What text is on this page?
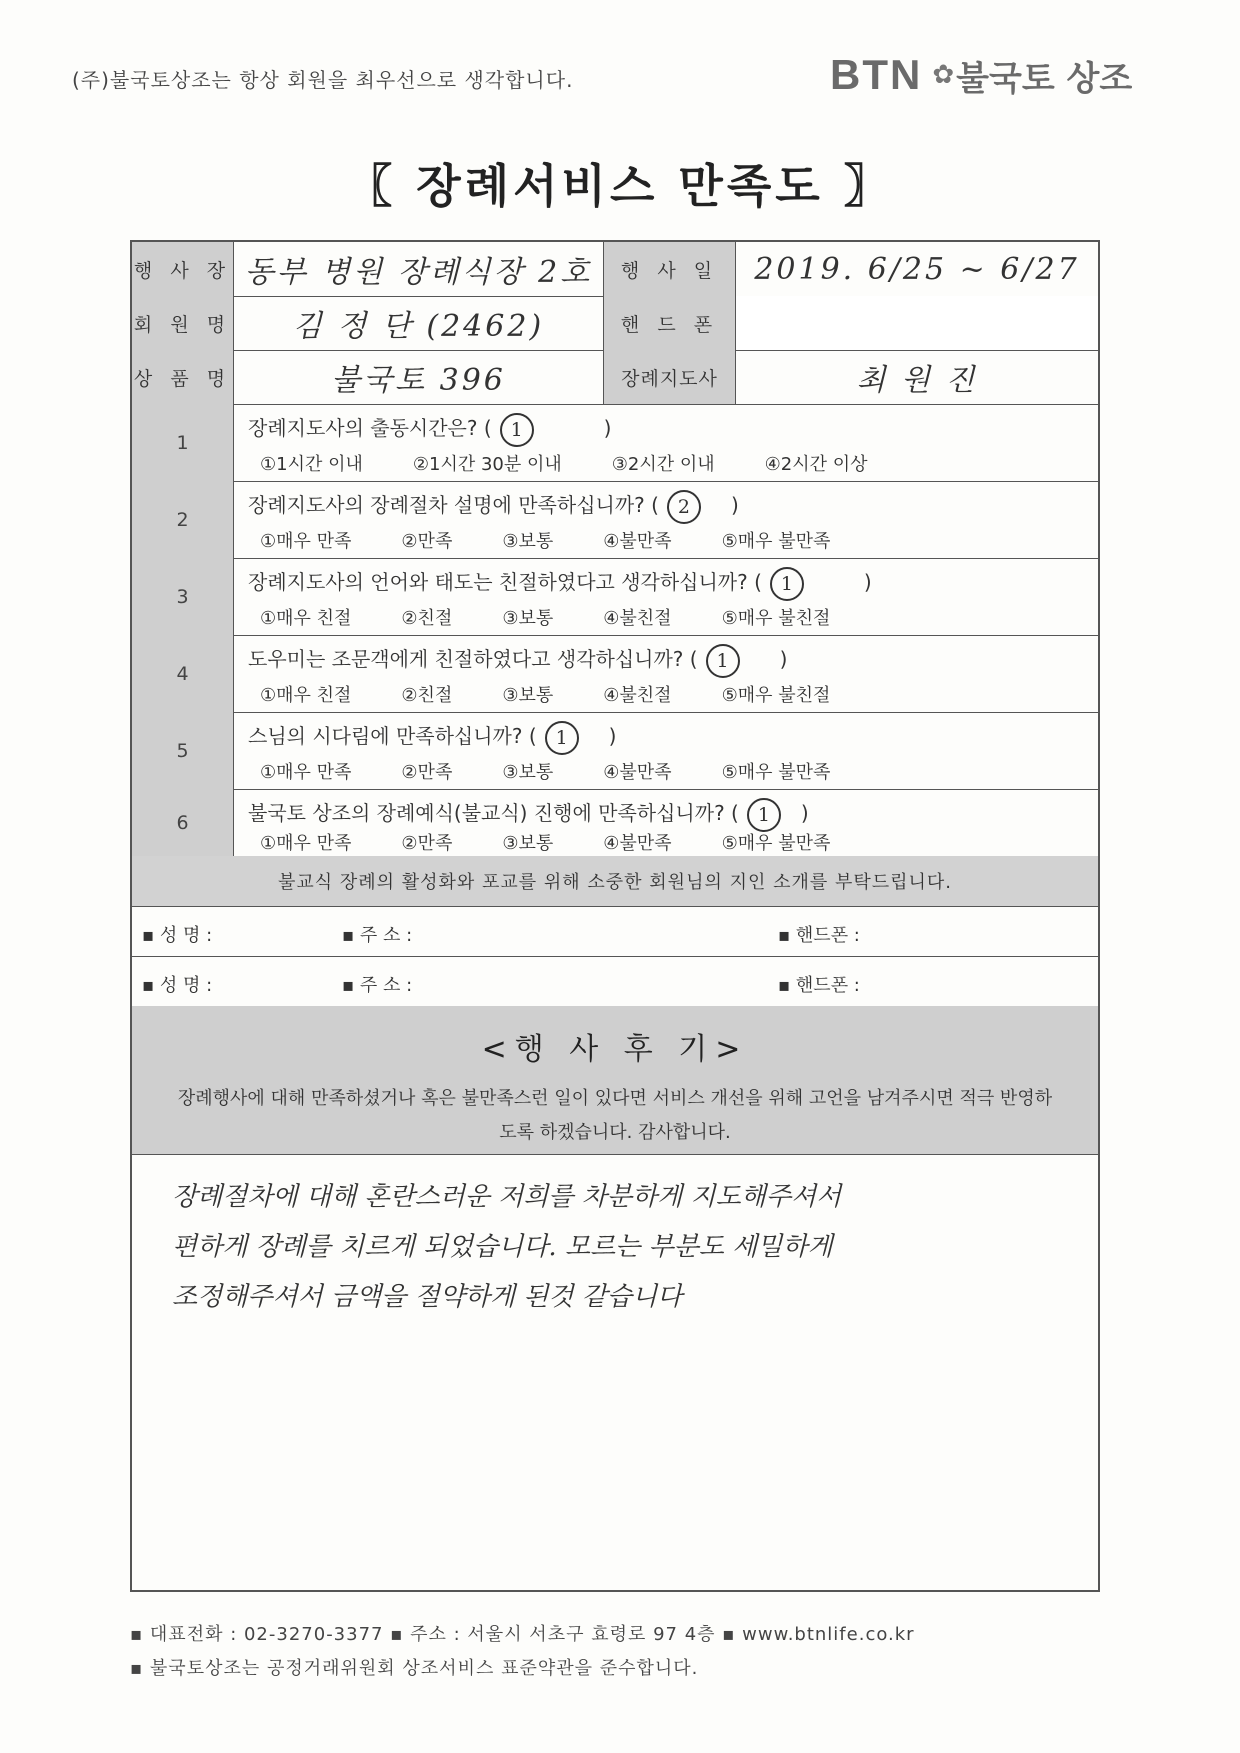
(주)불국토상조는 항상 회원을 최우선으로 생각합니다.	BTN ✿ 불국토 상조
〖 장례서비스 만족도 〗
행 사 장 동부 병원 장례식장 2호	행 사 일	2019. 6/25 ~ 6/27
회 원 명	김 정 단 (2462)	핸 드 폰
상 품 명	불국토 396	장례지도사	최 원 진
1
장례지도사의 출동시간은? ( 1	)
①1시간 이내	②1시간 30분 이내	③2시간 이내	④2시간 이상
2
장례지도사의 장례절차 설명에 만족하십니까? ( 2 )
①매우 만족	②만족	③보통	④불만족	⑤매우 불만족
3
장례지도사의 언어와 태도는 친절하였다고 생각하십니까? ( 1	)
①매우 친절	②친절	③보통	④불친절	⑤매우 불친절
4
도우미는 조문객에게 친절하였다고 생각하십니까? ( 1	)
①매우 친절	②친절	③보통	④불친절	⑤매우 불친절
5
스님의 시다림에 만족하십니까? ( 1 )
①매우 만족	②만족	③보통	④불만족	⑤매우 불만족
6	불국토 상조의 장례예식(불교식) 진행에 만족하십니까? ( 1 )
①매우 만족	②만족	③보통	④불만족	⑤매우 불만족
불교식 장례의 활성화와 포교를 위해 소중한 회원님의 지인 소개를 부탁드립니다.
▪ 성 명 :	▪ 주 소 :	▪ 핸드폰 :
▪ 성 명 :	▪ 주 소 :	▪ 핸드폰 :
<행 사 후 기>
장례행사에 대해 만족하셨거나 혹은 불만족스런 일이 있다면 서비스 개선을 위해 고언을 남겨주시면 적극 반영하도록 하겠습니다. 감사합니다.
장례절차에 대해 혼란스러운 저희를 차분하게 지도해주셔서
편하게 장례를 치르게 되었습니다. 모르는 부분도 세밀하게
조정해주셔서 금액을 절약하게 된것 같습니다
▪ 대표전화 : 02-3270-3377 ▪ 주소 : 서울시 서초구 효령로 97 4층 ▪ www.btnlife.co.kr
▪ 불국토상조는 공정거래위원회 상조서비스 표준약관을 준수합니다.
